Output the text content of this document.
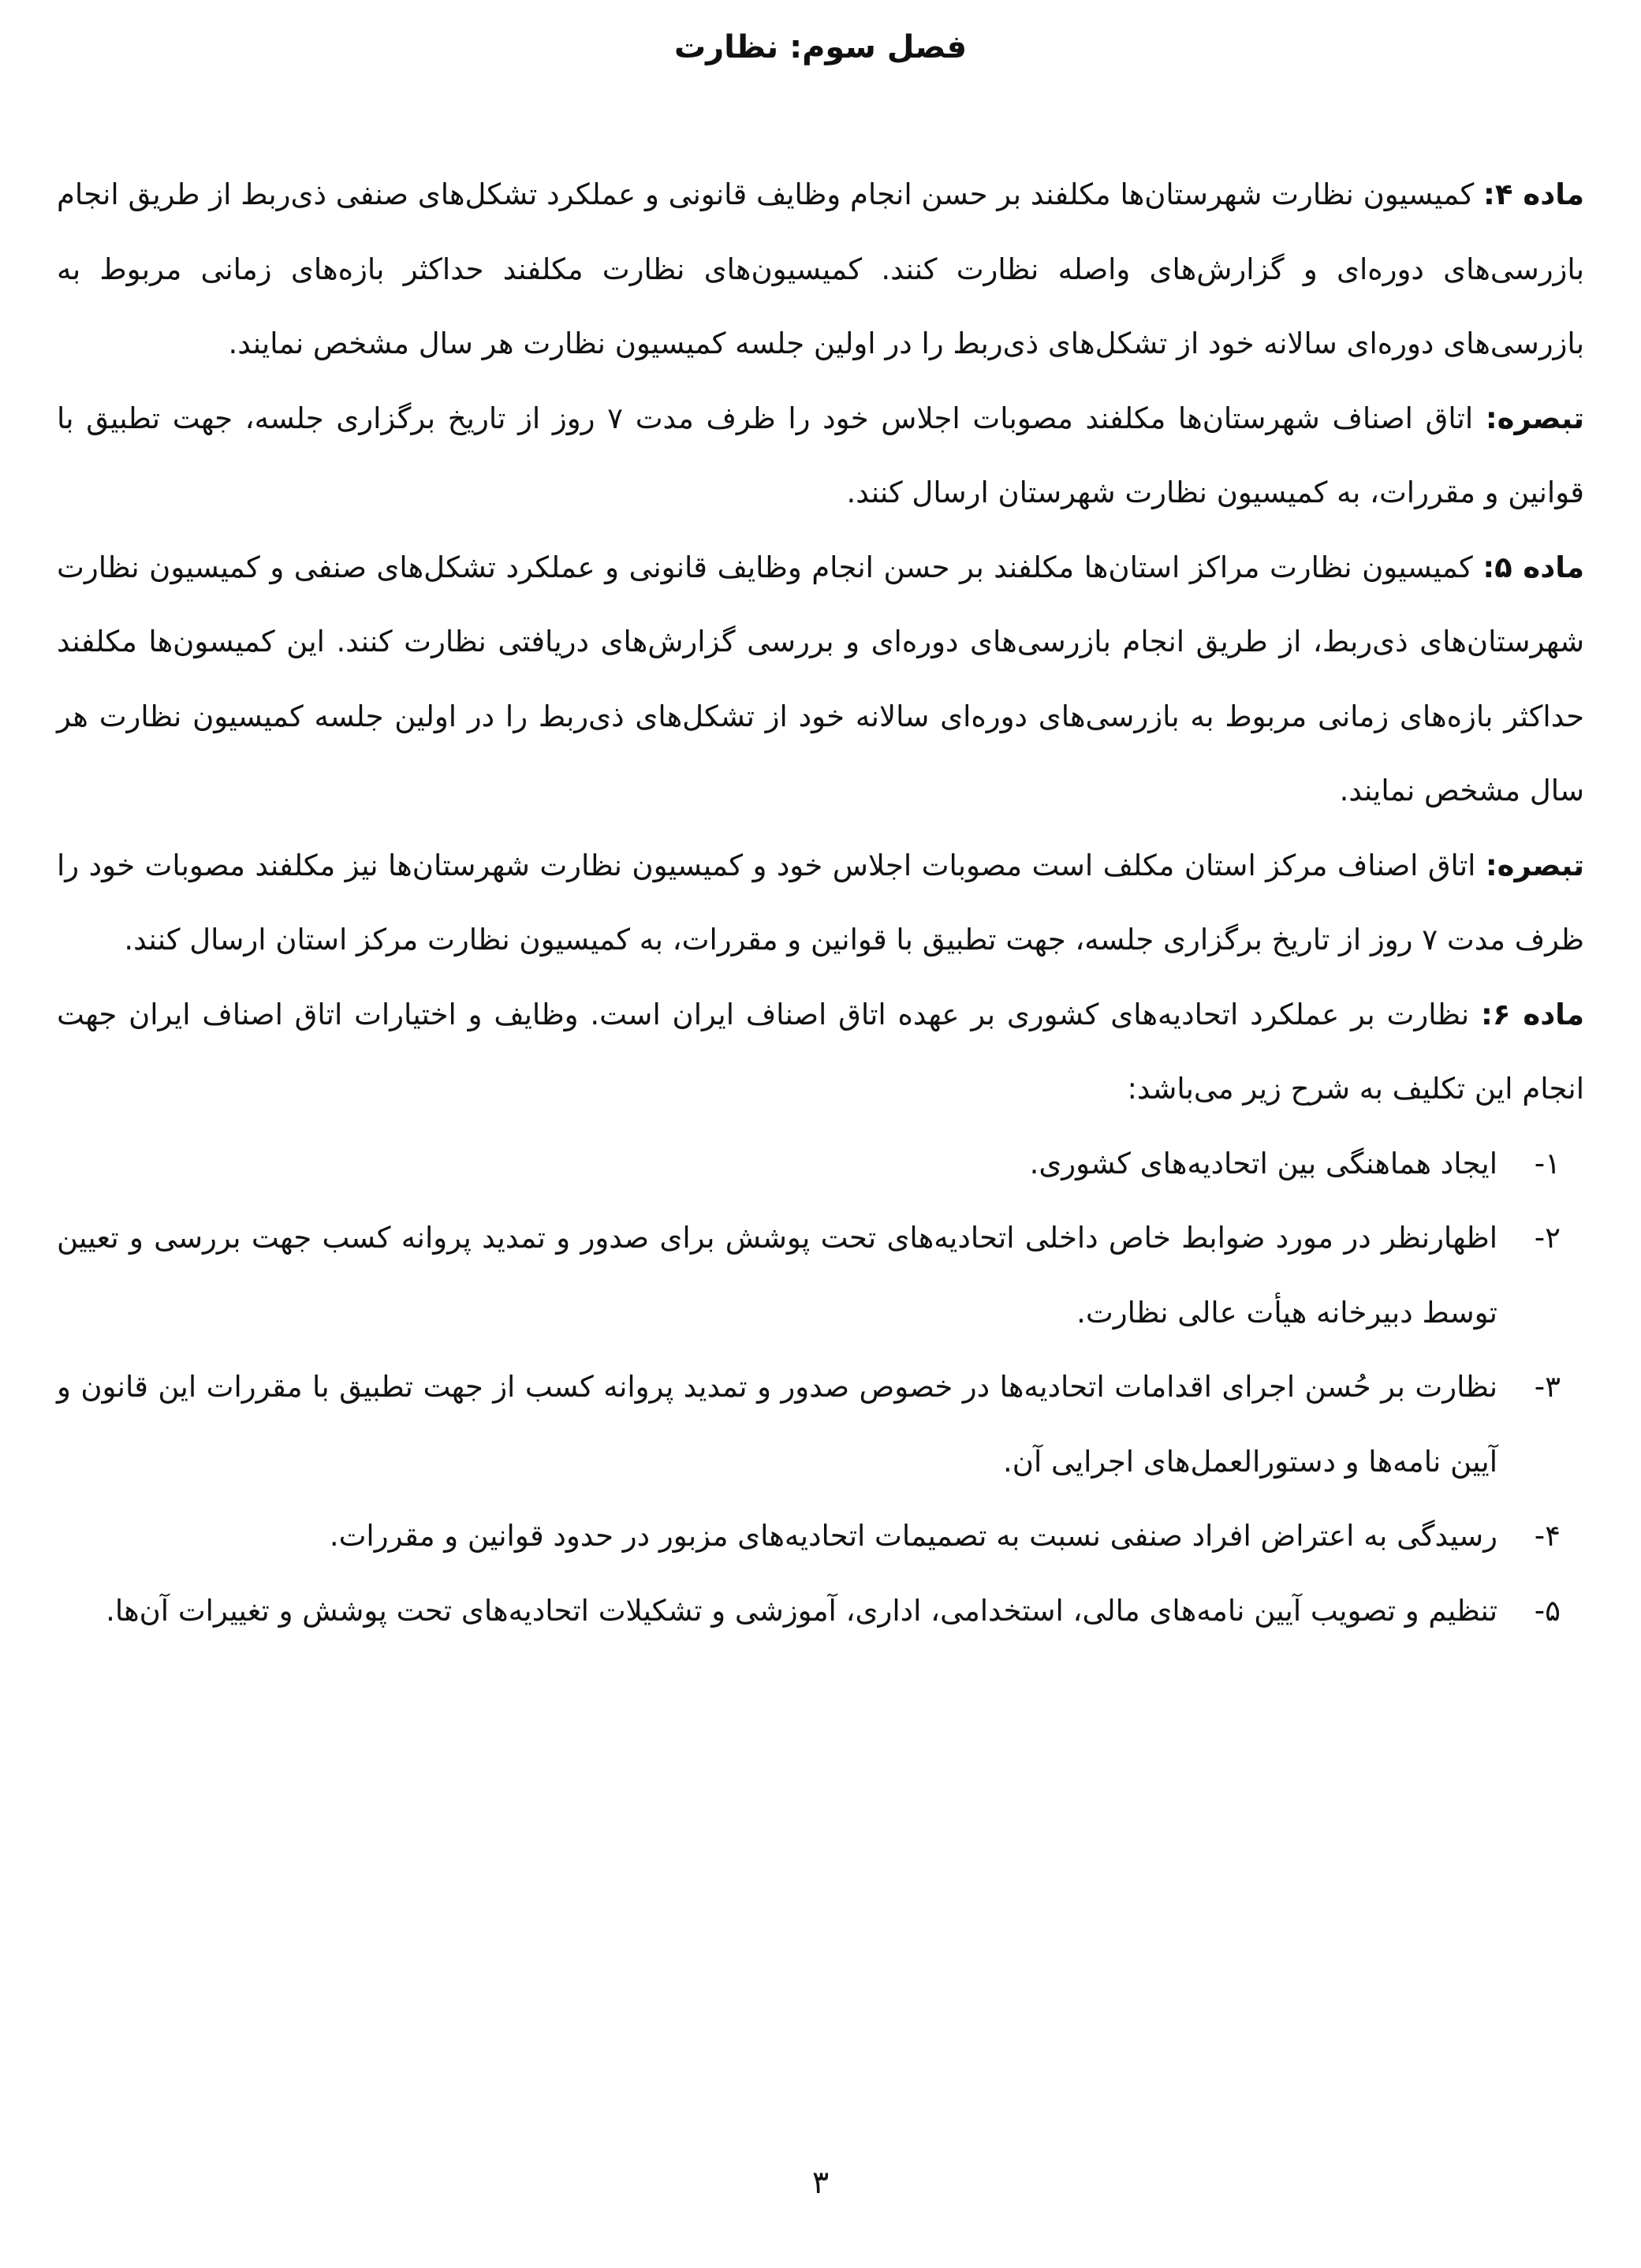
فصل سوم: نظارت

ماده ۴: کمیسیون نظارت شهرستان‌ها مکلفند بر حسن انجام وظایف قانونی و عملکرد تشکل‌های صنفی ذی‌ربط از طریق انجام بازرسی‌های دوره‌ای و گزارش‌های واصله نظارت کنند. کمیسیون‌های نظارت مکلفند حداکثر بازه‌های زمانی مربوط به بازرسی‌های دوره‌ای سالانه خود از تشکل‌های ذی‌ربط را در اولین جلسه کمیسیون نظارت هر سال مشخص نمایند.

تبصره: اتاق اصناف شهرستان‌ها مکلفند مصوبات اجلاس خود را ظرف مدت ۷ روز از تاریخ برگزاری جلسه، جهت تطبیق با قوانین و مقررات، به کمیسیون نظارت شهرستان ارسال کنند.

ماده ۵: کمیسیون نظارت مراکز استان‌ها مکلفند بر حسن انجام وظایف قانونی و عملکرد تشکل‌های صنفی و کمیسیون نظارت شهرستان‌های ذی‌ربط، از طریق انجام بازرسی‌های دوره‌ای و بررسی گزارش‌های دریافتی نظارت کنند. این کمیسون‌ها مکلفند حداکثر بازه‌های زمانی مربوط به بازرسی‌های دوره‌ای سالانه خود از تشکل‌های ذی‌ربط را در اولین جلسه کمیسیون نظارت هر سال مشخص نمایند.

تبصره: اتاق اصناف مرکز استان مکلف است مصوبات اجلاس خود و کمیسیون نظارت شهرستان‌ها نیز مکلفند مصوبات خود را ظرف مدت ۷ روز از تاریخ برگزاری جلسه، جهت تطبیق با قوانین و مقررات، به کمیسیون نظارت مرکز استان ارسال کنند.

ماده ۶: نظارت بر عملکرد اتحادیه‌های کشوری بر عهده اتاق اصناف ایران است. وظایف و اختیارات اتاق اصناف ایران جهت انجام این تکلیف به شرح زیر می‌باشد:

۱-
ایجاد هماهنگی بین اتحادیه‌های کشوری.
۲-
اظهارنظر در مورد ضوابط خاص داخلی اتحادیه‌های تحت پوشش برای صدور و تمدید پروانه کسب جهت بررسی و تعیین توسط دبیرخانه هیأت عالی نظارت.
۳-
نظارت بر حُسن اجرای اقدامات اتحادیه‌ها در خصوص صدور و تمدید پروانه کسب از جهت تطبیق با مقررات این قانون و آیین نامه‌ها و دستورالعمل‌های اجرایی آن.
۴-
رسیدگی به اعتراض افراد صنفی نسبت به تصمیمات اتحادیه‌های مزبور در حدود قوانین و مقررات.
۵-
تنظیم و تصویب آیین نامه‌های مالی، استخدامی، اداری، آموزشی و تشکیلات اتحادیه‌های تحت پوشش و تغییرات آن‌ها.
۳
